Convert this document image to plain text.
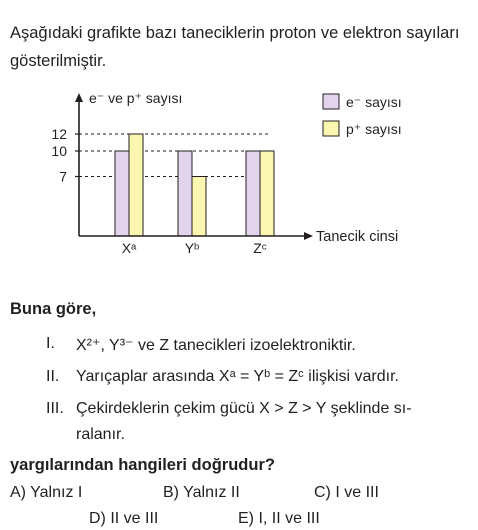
Aşağıdaki grafikte bazı taneciklerin proton ve elektron sayıları gösterilmiştir.
e⁻ ve p⁺ sayısı
Tanecik cinsi
7
10
12
Xᵃ	Yᵇ	Zᶜ
e⁻ sayısı
p⁺ sayısı
Buna göre,
I. X²⁺, Y³⁻ ve Z tanecikleri izoelektroniktir.
II. Yarıçaplar arasında Xᵃ = Yᵇ = Zᶜ ilişkisi vardır.
III. Çekirdeklerin çekim gücü X > Z > Y şeklinde sı-
ralanır.
yargılarından hangileri doğrudur?
A) Yalnız I	B) Yalnız II	C) I ve III
D) II ve III	E) I, II ve III
